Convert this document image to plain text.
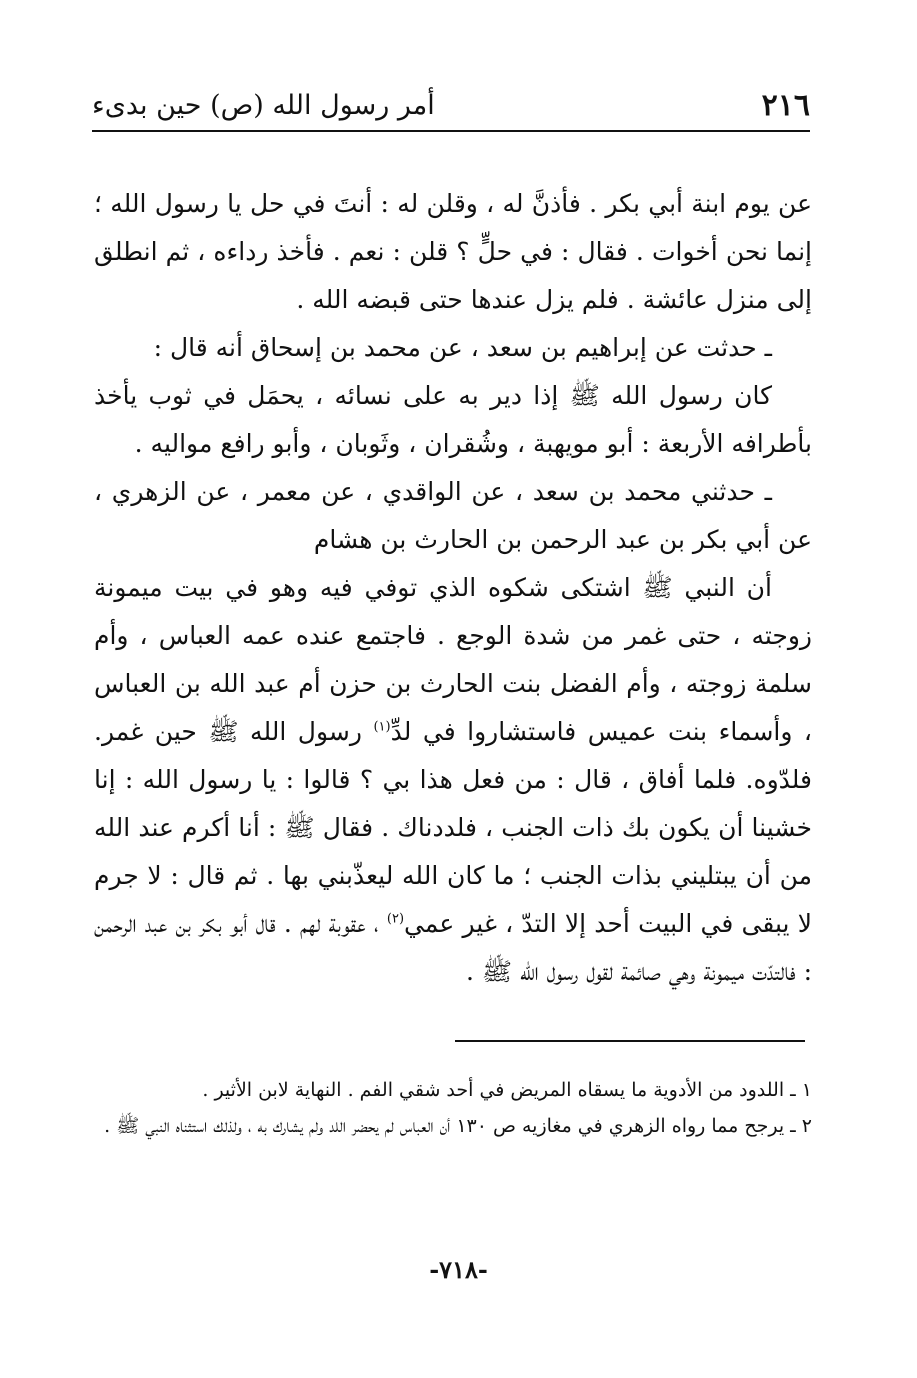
٢١٦
أمر رسول الله (ص) حين بدىء

عن يوم ابنة أبي بكر . فأذنَّ له ، وقلن له : أنتَ في حل يا رسول الله ؛ إنما نحن أخوات . فقال : في حلٍّ ؟ قلن : نعم . فأخذ رداءه ، ثم انطلق إلى منزل عائشة . فلم يزل عندها حتى قبضه الله .

ـ حدثت عن إبراهيم بن سعد ، عن محمد بن إسحاق أنه قال :

كان رسول الله ﷺ إذا دير به على نسائه ، يحمَل في ثوب يأخذ بأطرافه الأربعة : أبو مويهبة ، وشُقران ، وثَوبان ، وأبو رافع مواليه .

ـ حدثني محمد بن سعد ، عن الواقدي ، عن معمر ، عن الزهري ، عن أبي بكر بن عبد الرحمن بن الحارث بن هشام

أن النبي ﷺ اشتكى شكوه الذي توفي فيه وهو في بيت ميمونة زوجته ، حتى غمر من شدة الوجع . فاجتمع عنده عمه العباس ، وأم سلمة زوجته ، وأم الفضل بنت الحارث بن حزن أم عبد الله بن العباس ، وأسماء بنت عميس فاستشاروا في لدِّ$^{(١)}$ رسول الله ﷺ حين غمر. فلدّوه. فلما أفاق ، قال : من فعل هذا بي ؟ قالوا : يا رسول الله : إنا خشينا أن يكون بك ذات الجنب ، فلددناك . فقال ﷺ : أنا أكرم عند الله من أن يبتليني بذات الجنب ؛ ما كان الله ليعذّبني بها . ثم قال : لا جرم لا يبقى في البيت أحد إلا التدّ ، غير عمي$^{(٢)}$ ، عقوبة لهم . قال أبو بكر بن عبد الرحمن : فالتدّت ميمونة وهي صائمة لقول رسول الله ﷺ .

١ ـ اللدود من الأدوية ما يسقاه المريض في أحد شقي الفم . النهاية لابن الأثير .

٢ ـ يرجح مما رواه الزهري في مغازيه ص ١٣٠ أن العباس لم يحضر اللد ولم يشارك به ، ولذلك استثناه النبي ﷺ .

-٧١٨-
